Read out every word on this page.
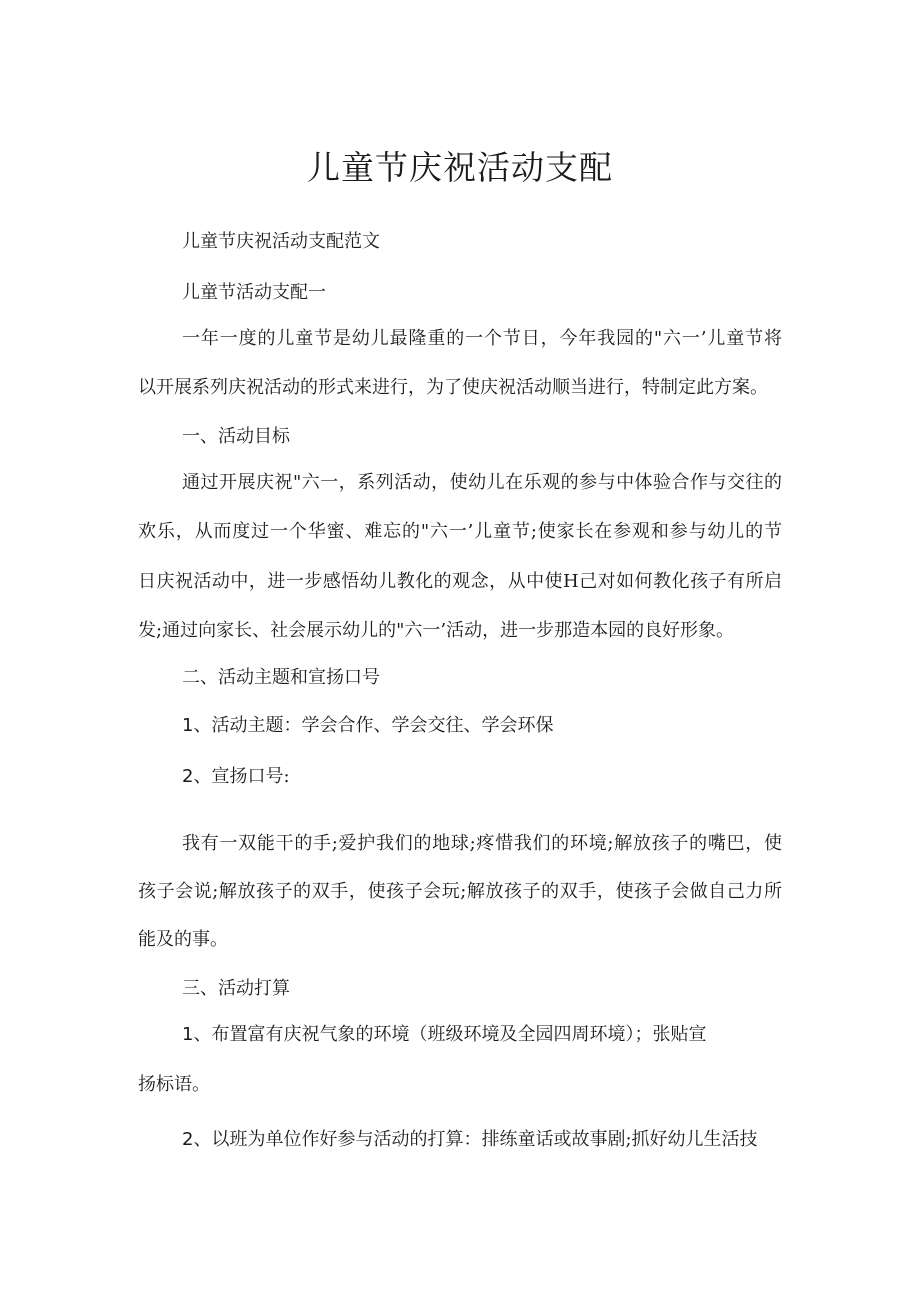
儿童节庆祝活动支配
儿童节庆祝活动支配范文
儿童节活动支配一
一年一度的儿童节是幼儿最隆重的一个节日，今年我园的"六一’儿童节将
以开展系列庆祝活动的形式来进行，为了使庆祝活动顺当进行，特制定此方案。
一、活动目标
通过开展庆祝"六一，系列活动，使幼儿在乐观的参与中体验合作与交往的
欢乐，从而度过一个华蜜、难忘的"六一’儿童节;使家长在参观和参与幼儿的节
日庆祝活动中，进一步感悟幼儿教化的观念，从中使H己对如何教化孩子有所启
发;通过向家长、社会展示幼儿的"六一’活动，进一步那造本园的良好形象。
二、活动主题和宣扬口号
1、活动主题：学会合作、学会交往、学会环保
2、宣扬口号:
我有一双能干的手;爱护我们的地球;疼惜我们的环境;解放孩子的嘴巴，使
孩子会说;解放孩子的双手，使孩子会玩;解放孩子的双手，使孩子会做自己力所
能及的事。
三、活动打算
1、布置富有庆祝气象的环境（班级环境及全园四周环境）；张贴宣
扬标语。
2、以班为单位作好参与活动的打算：排练童话或故事剧;抓好幼儿生活技
